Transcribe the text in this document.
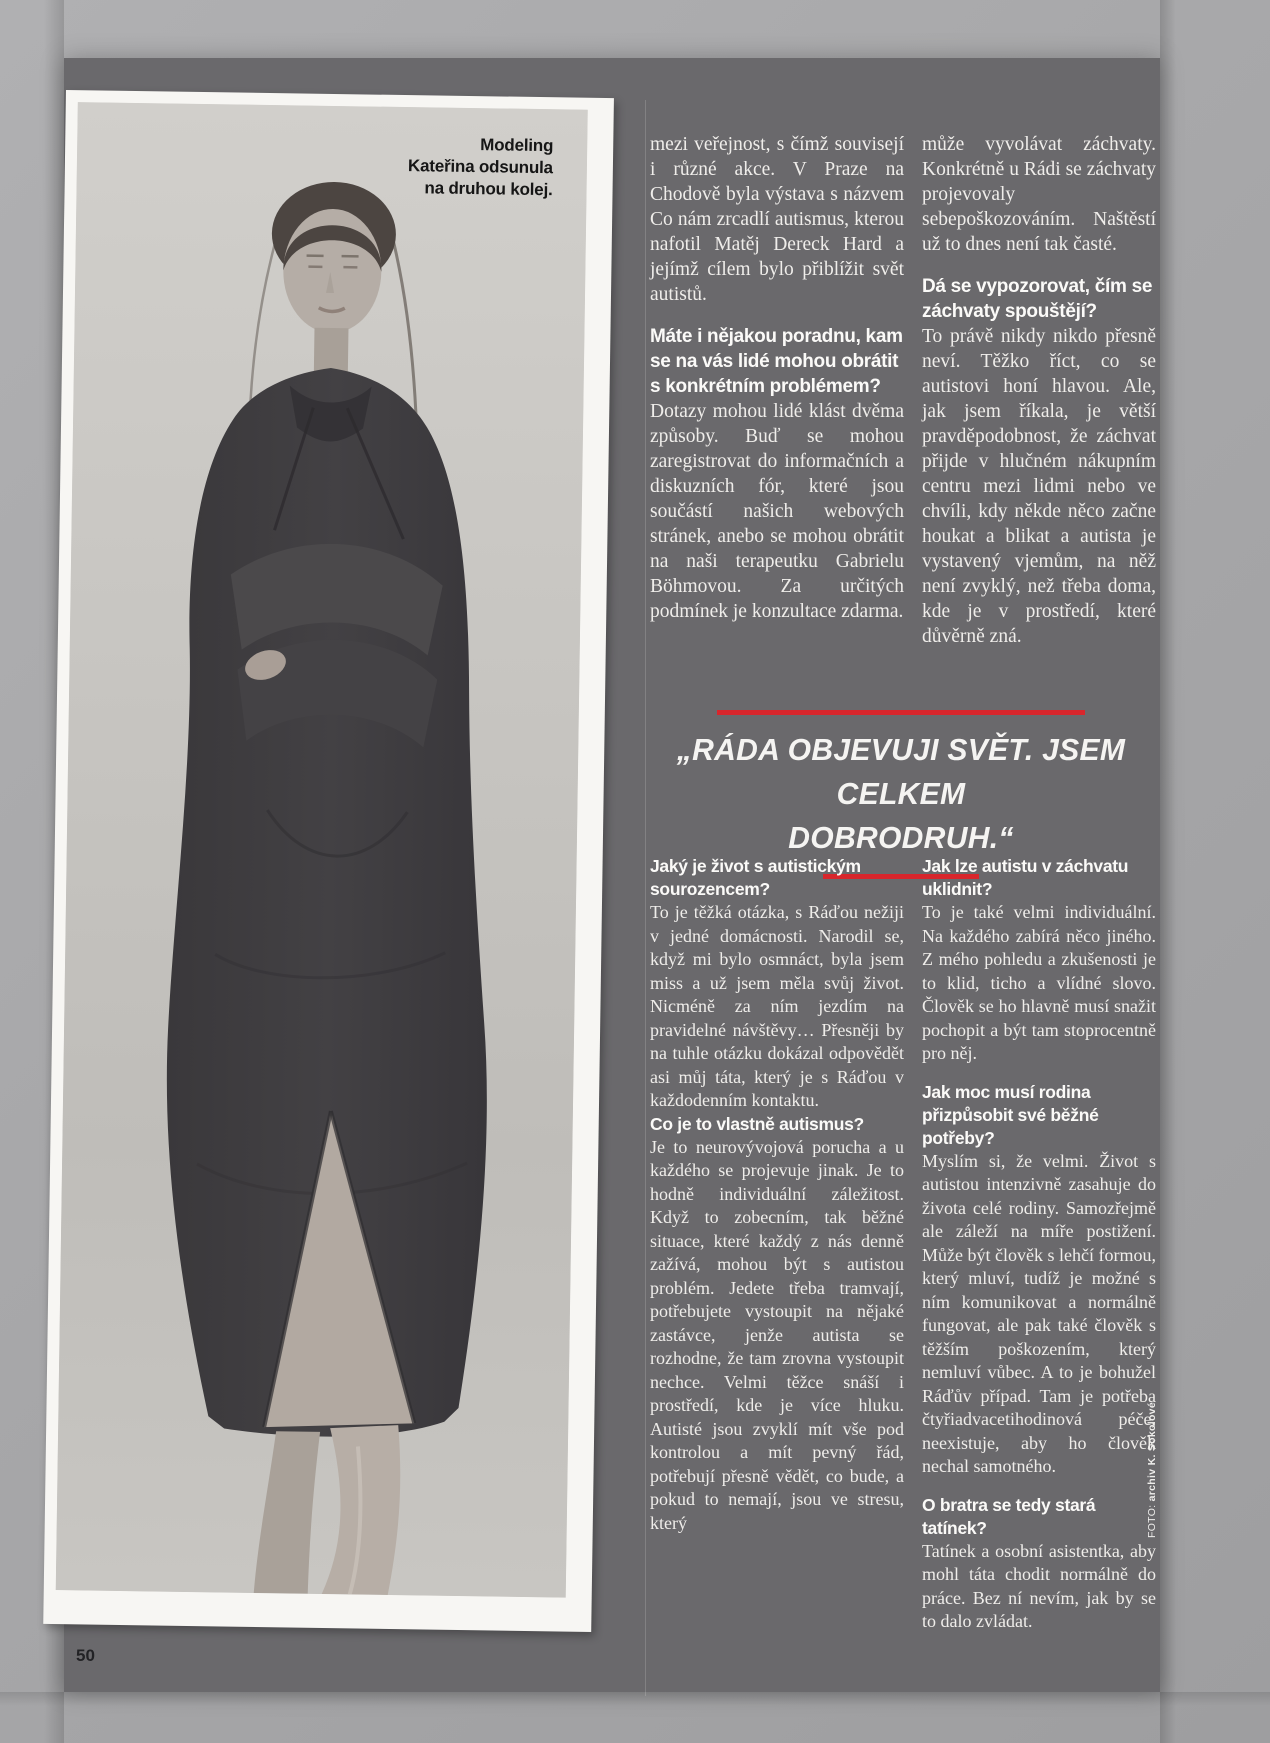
Modeling
Kateřina odsunula
na druhou kolej.

mezi veřejnost, s čímž souvisejí i různé akce. V Praze na Chodově byla výstava s názvem Co nám zrcadlí autismus, kterou nafotil Matěj Dereck Hard a jejímž cílem bylo přiblížit svět autistů.

Máte i nějakou poradnu, kam se na vás lidé mohou obrátit s konkrétním problémem?

Dotazy mohou lidé klást dvěma způsoby. Buď se mohou zaregistrovat do informačních a diskuzních fór, které jsou součástí našich webových stránek, anebo se mohou obrátit na naši terapeutku Gabrielu Böhmovou. Za určitých podmínek je konzultace zdarma.

může vyvolávat záchvaty. Konkrétně u Rádi se záchvaty projevovaly sebepoškozováním. Naštěstí už to dnes není tak časté.

Dá se vypozorovat, čím se záchvaty spouštějí?

To právě nikdy nikdo přesně neví. Těžko říct, co se autistovi honí hlavou. Ale, jak jsem říkala, je větší pravděpodobnost, že záchvat přijde v hlučném nákupním centru mezi lidmi nebo ve chvíli, kdy někde něco začne houkat a blikat a autista je vystavený vjemům, na něž není zvyklý, než třeba doma, kde je v prostředí, které důvěrně zná.

„RÁDA OBJEVUJI SVĚT. JSEM CELKEM
DOBRODRUH.“

Jaký je život s autistickým sourozencem?

To je těžká otázka, s Ráďou nežiji v jedné domácnosti. Narodil se, když mi bylo osmnáct, byla jsem miss a už jsem měla svůj život. Nicméně za ním jezdím na pravidelné návštěvy… Přesněji by na tuhle otázku dokázal odpovědět asi můj táta, který je s Ráďou v každodenním kontaktu.

Co je to vlastně autismus?

Je to neurovývojová porucha a u každého se projevuje jinak. Je to hodně individuální záležitost. Když to zobecním, tak běžné situace, které každý z nás denně zažívá, mohou být s autistou problém. Jedete třeba tramvají, potřebujete vystoupit na nějaké zastávce, jenže autista se rozhodne, že tam zrovna vystoupit nechce. Velmi těžce snáší i prostředí, kde je více hluku. Autisté jsou zvyklí mít vše pod kontrolou a mít pevný řád, potřebují přesně vědět, co bude, a pokud to nemají, jsou ve stresu, který

Jak lze autistu v záchvatu uklidnit?

To je také velmi individuální. Na každého zabírá něco jiného. Z mého pohledu a zkušenosti je to klid, ticho a vlídné slovo. Člověk se ho hlavně musí snažit pochopit a být tam stoprocentně pro něj.

Jak moc musí rodina přizpůsobit své běžné potřeby?

Myslím si, že velmi. Život s autistou intenzivně zasahuje do života celé rodiny. Samozřejmě ale záleží na míře postižení. Může být člověk s lehčí formou, který mluví, tudíž je možné s ním komunikovat a normálně fungovat, ale pak také člověk s těžším poškozením, který nemluví vůbec. A to je bohužel Ráďův případ. Tam je potřeba čtyřiadvacetihodinová péče, neexistuje, aby ho člověk nechal samotného.

O bratra se tedy stará tatínek?

Tatínek a osobní asistentka, aby mohl táta chodit normálně do práce. Bez ní nevím, jak by se to dalo zvládat.

50
FOTO: archiv K. Sokolové
